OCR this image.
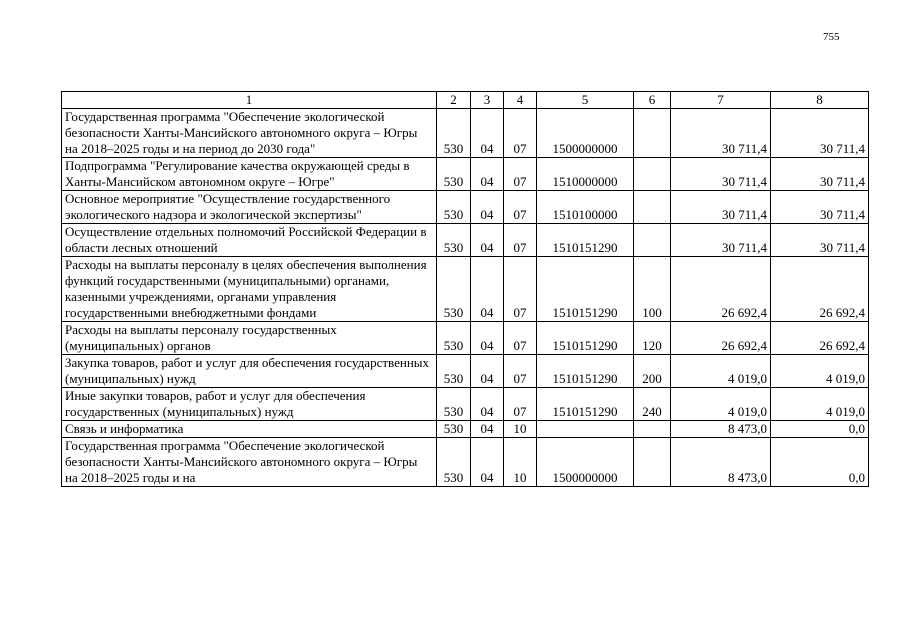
755
1	2	3	4	5	6	7	8
Государственная программа "Обеспечение экологической безопасности Ханты-Мансийского автономного округа – Югры на 2018–2025 годы и на период до 2030 года"	530	04	07	1500000000		30 711,4	30 711,4
Подпрограмма "Регулирование качества окружающей среды в Ханты-Мансийском автономном округе – Югре"	530	04	07	1510000000		30 711,4	30 711,4
Основное мероприятие "Осуществление государственного экологического надзора и экологической экспертизы"	530	04	07	1510100000		30 711,4	30 711,4
Осуществление отдельных полномочий Российской Федерации в области лесных отношений	530	04	07	1510151290		30 711,4	30 711,4
Расходы на выплаты персоналу в целях обеспечения выполнения функций государственными (муниципальными) органами, казенными учреждениями, органами управления государственными внебюджетными фондами	530	04	07	1510151290	100	26 692,4	26 692,4
Расходы на выплаты персоналу государственных (муниципальных) органов	530	04	07	1510151290	120	26 692,4	26 692,4
Закупка товаров, работ и услуг для обеспечения государственных (муниципальных) нужд	530	04	07	1510151290	200	4 019,0	4 019,0
Иные закупки товаров, работ и услуг для обеспечения государственных (муниципальных) нужд	530	04	07	1510151290	240	4 019,0	4 019,0
Связь и информатика	530	04	10			8 473,0	0,0
Государственная программа "Обеспечение экологической безопасности Ханты-Мансийского автономного округа – Югры на 2018–2025 годы и на	530	04	10	1500000000		8 473,0	0,0
